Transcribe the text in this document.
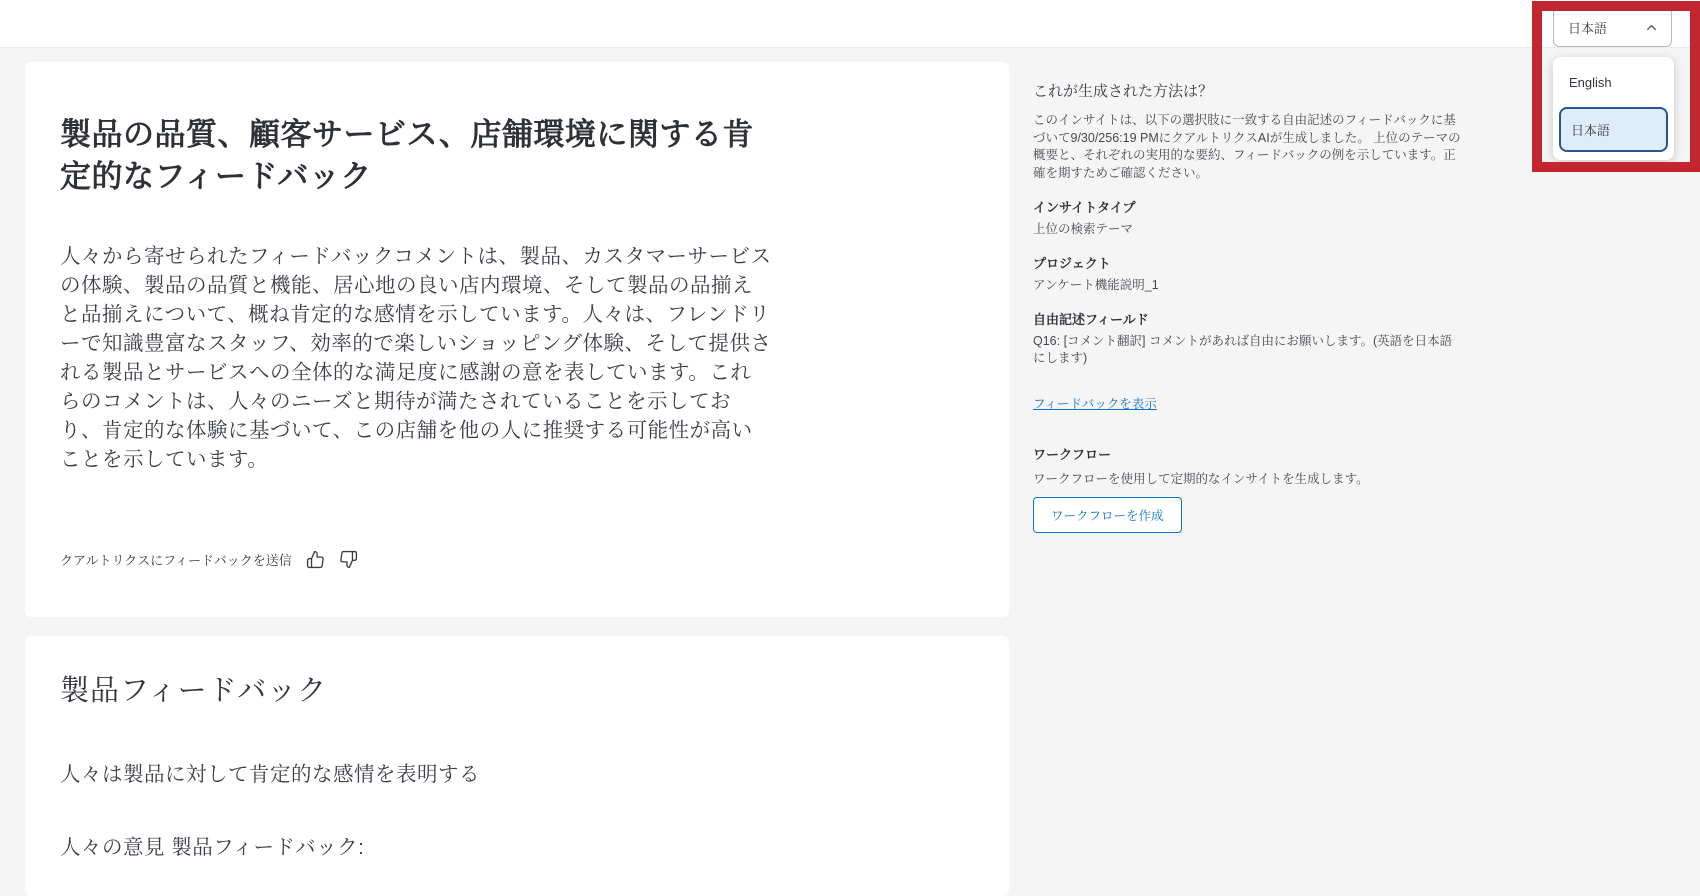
製品の品質、顧客サービス、店舗環境に関する肯定的なフィードバック

人々から寄せられたフィードバックコメントは、製品、カスタマーサービスの体験、製品の品質と機能、居心地の良い店内環境、そして製品の品揃えと品揃えについて、概ね肯定的な感情を示しています。人々は、フレンドリーで知識豊富なスタッフ、効率的で楽しいショッピング体験、そして提供される製品とサービスへの全体的な満足度に感謝の意を表しています。これらのコメントは、人々のニーズと期待が満たされていることを示しており、肯定的な体験に基づいて、この店舗を他の人に推奨する可能性が高いことを示しています。

クアルトリクスにフィードバックを送信
製品フィードバック

人々は製品に対して肯定的な感情を表明する

人々の意見 製品フィードバック:

これが生成された方法は？

このインサイトは、以下の選択肢に一致する自由記述のフィードバックに基づいて9/30/256:19 PMにクアルトリクスAIが生成しました。 上位のテーマの概要と、それぞれの実用的な要約、フィードバックの例を示しています。正確を期すためご確認ください。

インサイトタイプ
上位の検索テーマ
プロジェクト
アンケート機能説明_1
自由記述フィールド
Q16: [コメント翻訳] コメントがあれば自由にお願いします。(英語を日本語にします)
フィードバックを表示
ワークフロー
ワークフローを使用して定期的なインサイトを生成します。
ワークフローを作成
日本語
English
日本語
